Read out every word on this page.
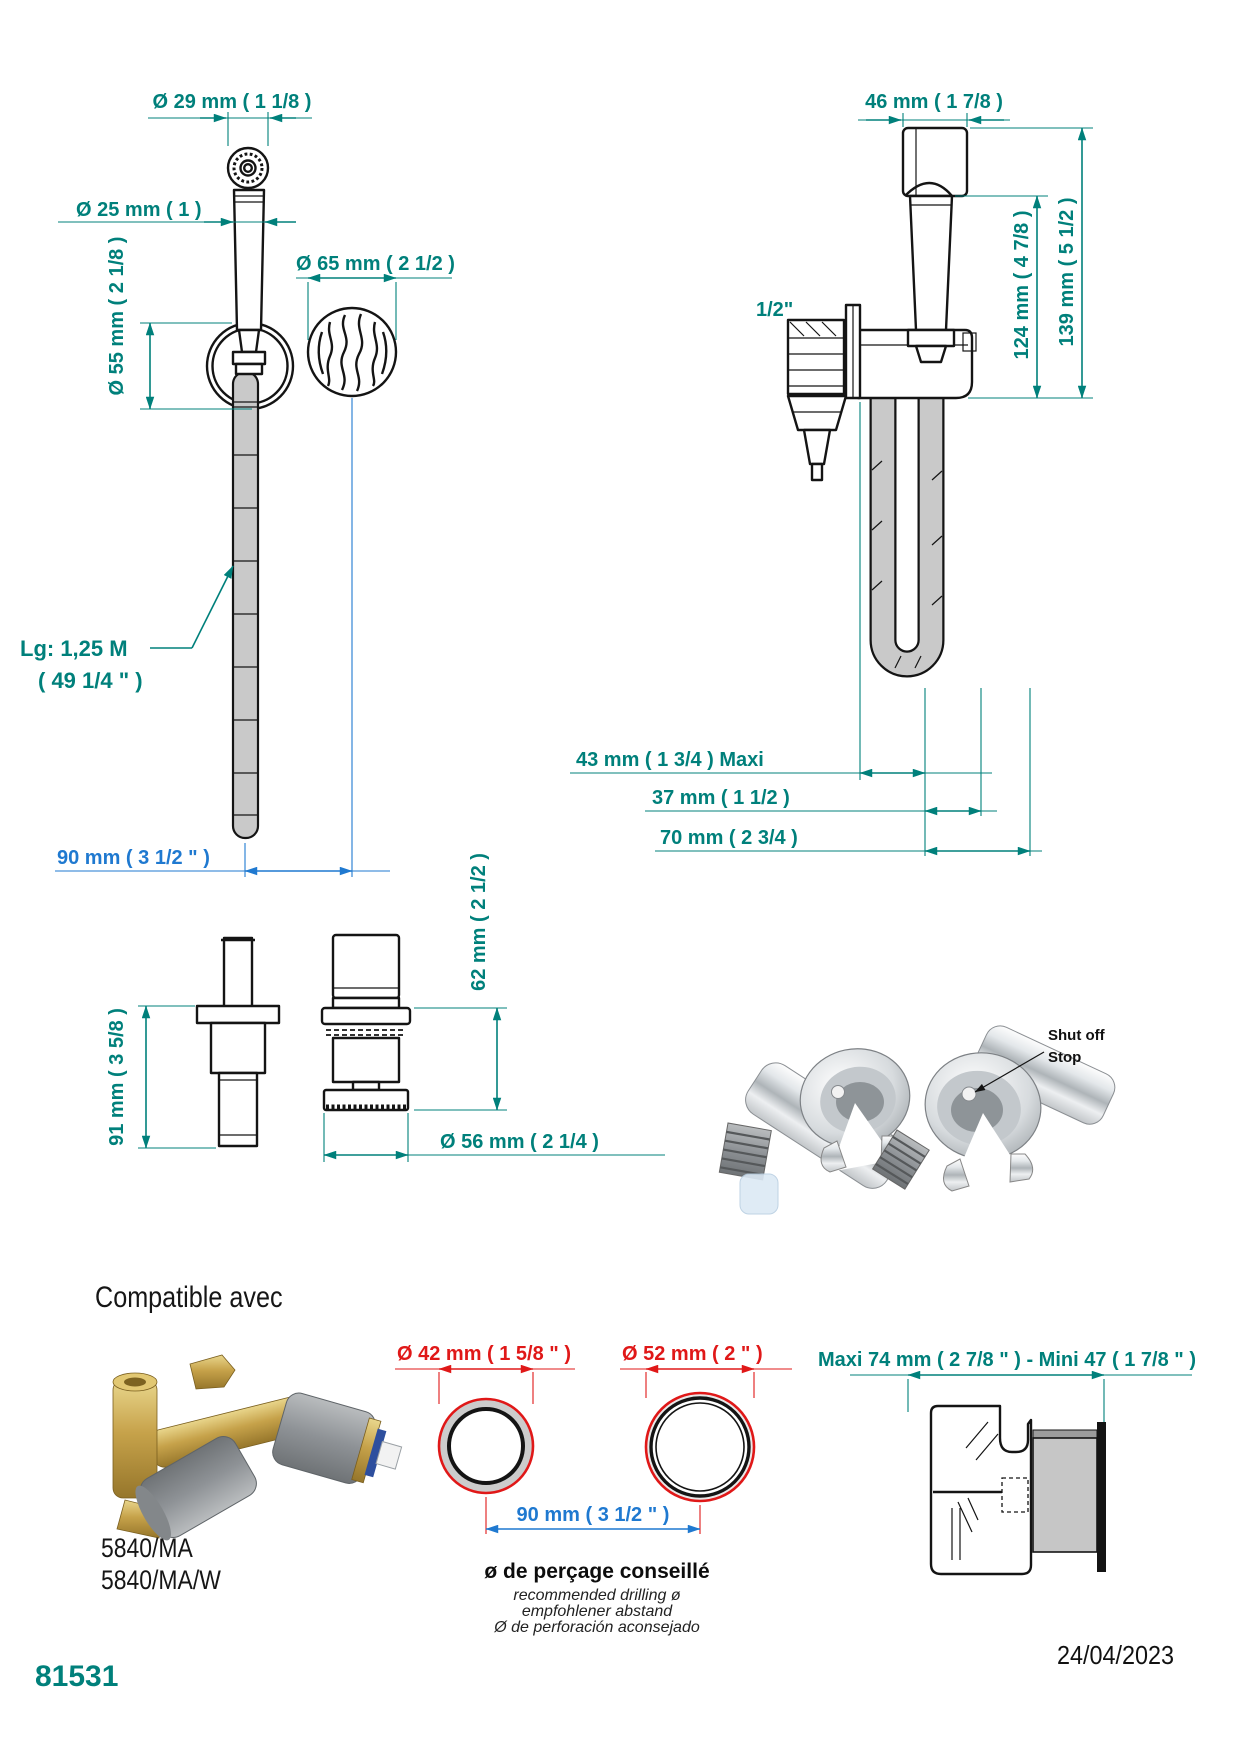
Ø 29 mm ( 1 1/8 )
Ø 25 mm ( 1 )
Ø 55 mm ( 2 1/8 )	Ø 65 mm ( 2 1/2 )
Lg: 1,25 M
( 49 1/4 " )
90 mm ( 3 1/2 " )
46 mm ( 1 7/8 )
124 mm ( 4 7/8 ) 139 mm ( 5 1/2 )
1/2"
43 mm ( 1 3/4 ) Maxi
37 mm ( 1 1/2 )
70 mm ( 2 3/4 )
91 mm ( 3 5/8 )
62 mm ( 2 1/2 )
Ø 56 mm ( 2 1/4 )
Shut off
Stop
Compatible avec
5840/MA
5840/MA/W
Ø 42 mm ( 1 5/8 " )	Ø 52 mm ( 2 " )
90 mm ( 3 1/2 " )
ø de perçage conseillé
recommended drilling ø
empfohlener abstand
Ø de perforación aconsejado
Maxi 74 mm ( 2 7/8 " ) - Mini 47 ( 1 7/8 " )
81531
24/04/2023
